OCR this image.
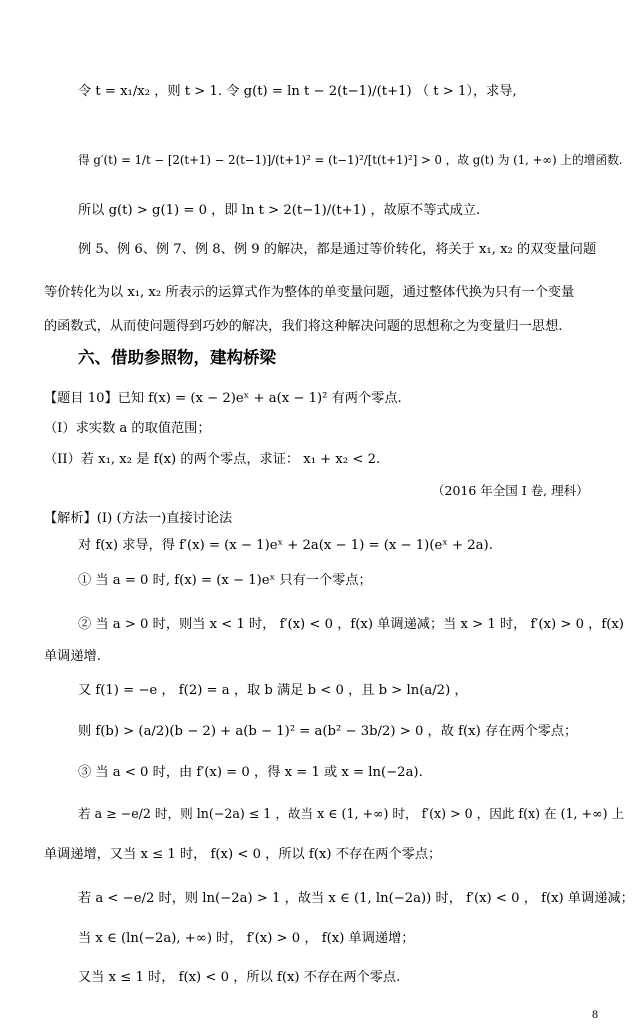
令 t = x₁/x₂ ，则 t > 1. 令 g(t) = ln t − 2(t−1)/(t+1) （ t > 1），求导,
得 g′(t) = 1/t − [2(t+1) − 2(t−1)]/(t+1)² = (t−1)²/[t(t+1)²] > 0 ，故 g(t) 为 (1, +∞) 上的增函数.
所以 g(t) > g(1) = 0 ，即 ln t > 2(t−1)/(t+1) ，故原不等式成立.
例 5、例 6、例 7、例 8、例 9 的解决，都是通过等价转化，将关于 x₁, x₂ 的双变量问题
等价转化为以 x₁, x₂ 所表示的运算式作为整体的单变量问题，通过整体代换为只有一个变量
的函数式，从而使问题得到巧妙的解决，我们将这种解决问题的思想称之为变量归一思想.
六、借助参照物，建构桥梁
【题目 10】已知 f(x) = (x − 2)eˣ + a(x − 1)² 有两个零点.
（I）求实数 a 的取值范围；
（II）若 x₁, x₂ 是 f(x) 的两个零点，求证： x₁ + x₂ < 2.
（2016 年全国 I 卷, 理科）
【解析】(I) (方法一)直接讨论法
对 f(x) 求导，得 f′(x) = (x − 1)eˣ + 2a(x − 1) = (x − 1)(eˣ + 2a).
① 当 a = 0 时, f(x) = (x − 1)eˣ 只有一个零点；
② 当 a > 0 时，则当 x < 1 时， f′(x) < 0 ，f(x) 单调递减；当 x > 1 时， f′(x) > 0 ，f(x)
单调递增.
又 f(1) = −e ， f(2) = a ，取 b 满足 b < 0 ，且 b > ln(a/2) ，
则 f(b) > (a/2)(b − 2) + a(b − 1)² = a(b² − 3b/2) > 0 ，故 f(x) 存在两个零点；
③ 当 a < 0 时，由 f′(x) = 0 ，得 x = 1 或 x = ln(−2a).
若 a ≥ −e/2 时，则 ln(−2a) ≤ 1 ，故当 x ∈ (1, +∞) 时， f′(x) > 0 ，因此 f(x) 在 (1, +∞) 上
单调递增，又当 x ≤ 1 时， f(x) < 0 ，所以 f(x) 不存在两个零点；
若 a < −e/2 时，则 ln(−2a) > 1 ，故当 x ∈ (1, ln(−2a)) 时， f′(x) < 0 ， f(x) 单调递减；
当 x ∈ (ln(−2a), +∞) 时， f′(x) > 0 ， f(x) 单调递增；
又当 x ≤ 1 时， f(x) < 0 ，所以 f(x) 不存在两个零点.
8
